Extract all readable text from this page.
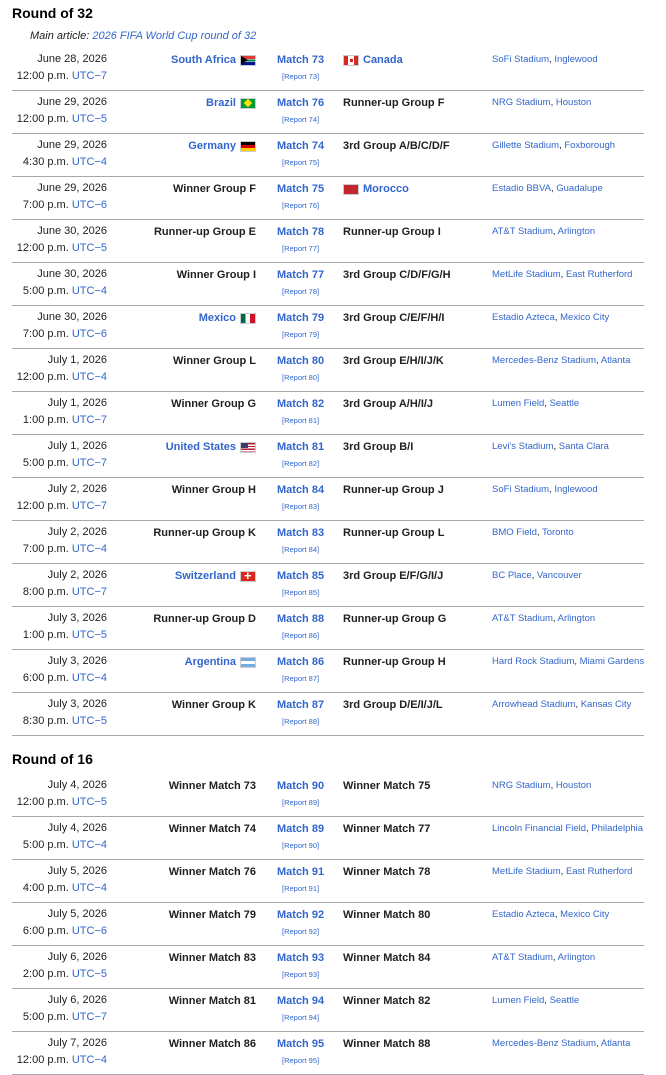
Round of 32
Main article: 2026 FIFA World Cup round of 32
June 28, 2026
12:00 p.m. UTC−7
South Africa	Match 73
[Report 73]
Canada	SoFi Stadium, Inglewood
June 29, 2026
12:00 p.m. UTC−5
Brazil	Match 76
[Report 74]
Runner-up Group F	NRG Stadium, Houston
June 29, 2026
4:30 p.m. UTC−4
Germany	Match 74
[Report 75]
3rd Group A/B/C/D/F	Gillette Stadium, Foxborough
June 29, 2026
7:00 p.m. UTC−6
Winner Group F Match 75
[Report 76]
Morocco	Estadio BBVA, Guadalupe
June 30, 2026
12:00 p.m. UTC−5
Runner-up Group E Match 78
[Report 77]
Runner-up Group I	AT&T Stadium, Arlington
June 30, 2026
5:00 p.m. UTC−4
Winner Group I Match 77
[Report 78]
3rd Group C/D/F/G/H	MetLife Stadium, East Rutherford
June 30, 2026
7:00 p.m. UTC−6
Mexico	Match 79
[Report 79]
3rd Group C/E/F/H/I	Estadio Azteca, Mexico City
July 1, 2026
12:00 p.m. UTC−4
Winner Group L Match 80
[Report 80]
3rd Group E/H/I/J/K	Mercedes-Benz Stadium, Atlanta
July 1, 2026
1:00 p.m. UTC−7
Winner Group G Match 82
[Report 81]
3rd Group A/H/I/J	Lumen Field, Seattle
July 1, 2026
5:00 p.m. UTC−7
United States	Match 81
[Report 82]
3rd Group B/I	Levi's Stadium, Santa Clara
July 2, 2026
12:00 p.m. UTC−7
Winner Group H Match 84
[Report 83]
Runner-up Group J	SoFi Stadium, Inglewood
July 2, 2026
7:00 p.m. UTC−4
Runner-up Group K Match 83
[Report 84]
Runner-up Group L	BMO Field, Toronto
July 2, 2026
8:00 p.m. UTC−7
Switzerland
+	Match 85
[Report 85]
3rd Group E/F/G/I/J	BC Place, Vancouver
July 3, 2026
1:00 p.m. UTC−5
Runner-up Group D Match 88
[Report 86]
Runner-up Group G	AT&T Stadium, Arlington
July 3, 2026
6:00 p.m. UTC−4
Argentina	Match 86
[Report 87]
Runner-up Group H	Hard Rock Stadium, Miami Gardens
July 3, 2026
8:30 p.m. UTC−5
Winner Group K Match 87
[Report 88]
3rd Group D/E/I/J/L	Arrowhead Stadium, Kansas City
Round of 16
July 4, 2026
12:00 p.m. UTC−5
Winner Match 73 Match 90
[Report 89]
Winner Match 75	NRG Stadium, Houston
July 4, 2026
5:00 p.m. UTC−4
Winner Match 74 Match 89
[Report 90]
Winner Match 77	Lincoln Financial Field, Philadelphia
July 5, 2026
4:00 p.m. UTC−4
Winner Match 76 Match 91
[Report 91]
Winner Match 78	MetLife Stadium, East Rutherford
July 5, 2026
6:00 p.m. UTC−6
Winner Match 79 Match 92
[Report 92]
Winner Match 80	Estadio Azteca, Mexico City
July 6, 2026
2:00 p.m. UTC−5
Winner Match 83 Match 93
[Report 93]
Winner Match 84	AT&T Stadium, Arlington
July 6, 2026
5:00 p.m. UTC−7
Winner Match 81 Match 94
[Report 94]
Winner Match 82	Lumen Field, Seattle
July 7, 2026
12:00 p.m. UTC−4
Winner Match 86 Match 95
[Report 95]
Winner Match 88	Mercedes-Benz Stadium, Atlanta
